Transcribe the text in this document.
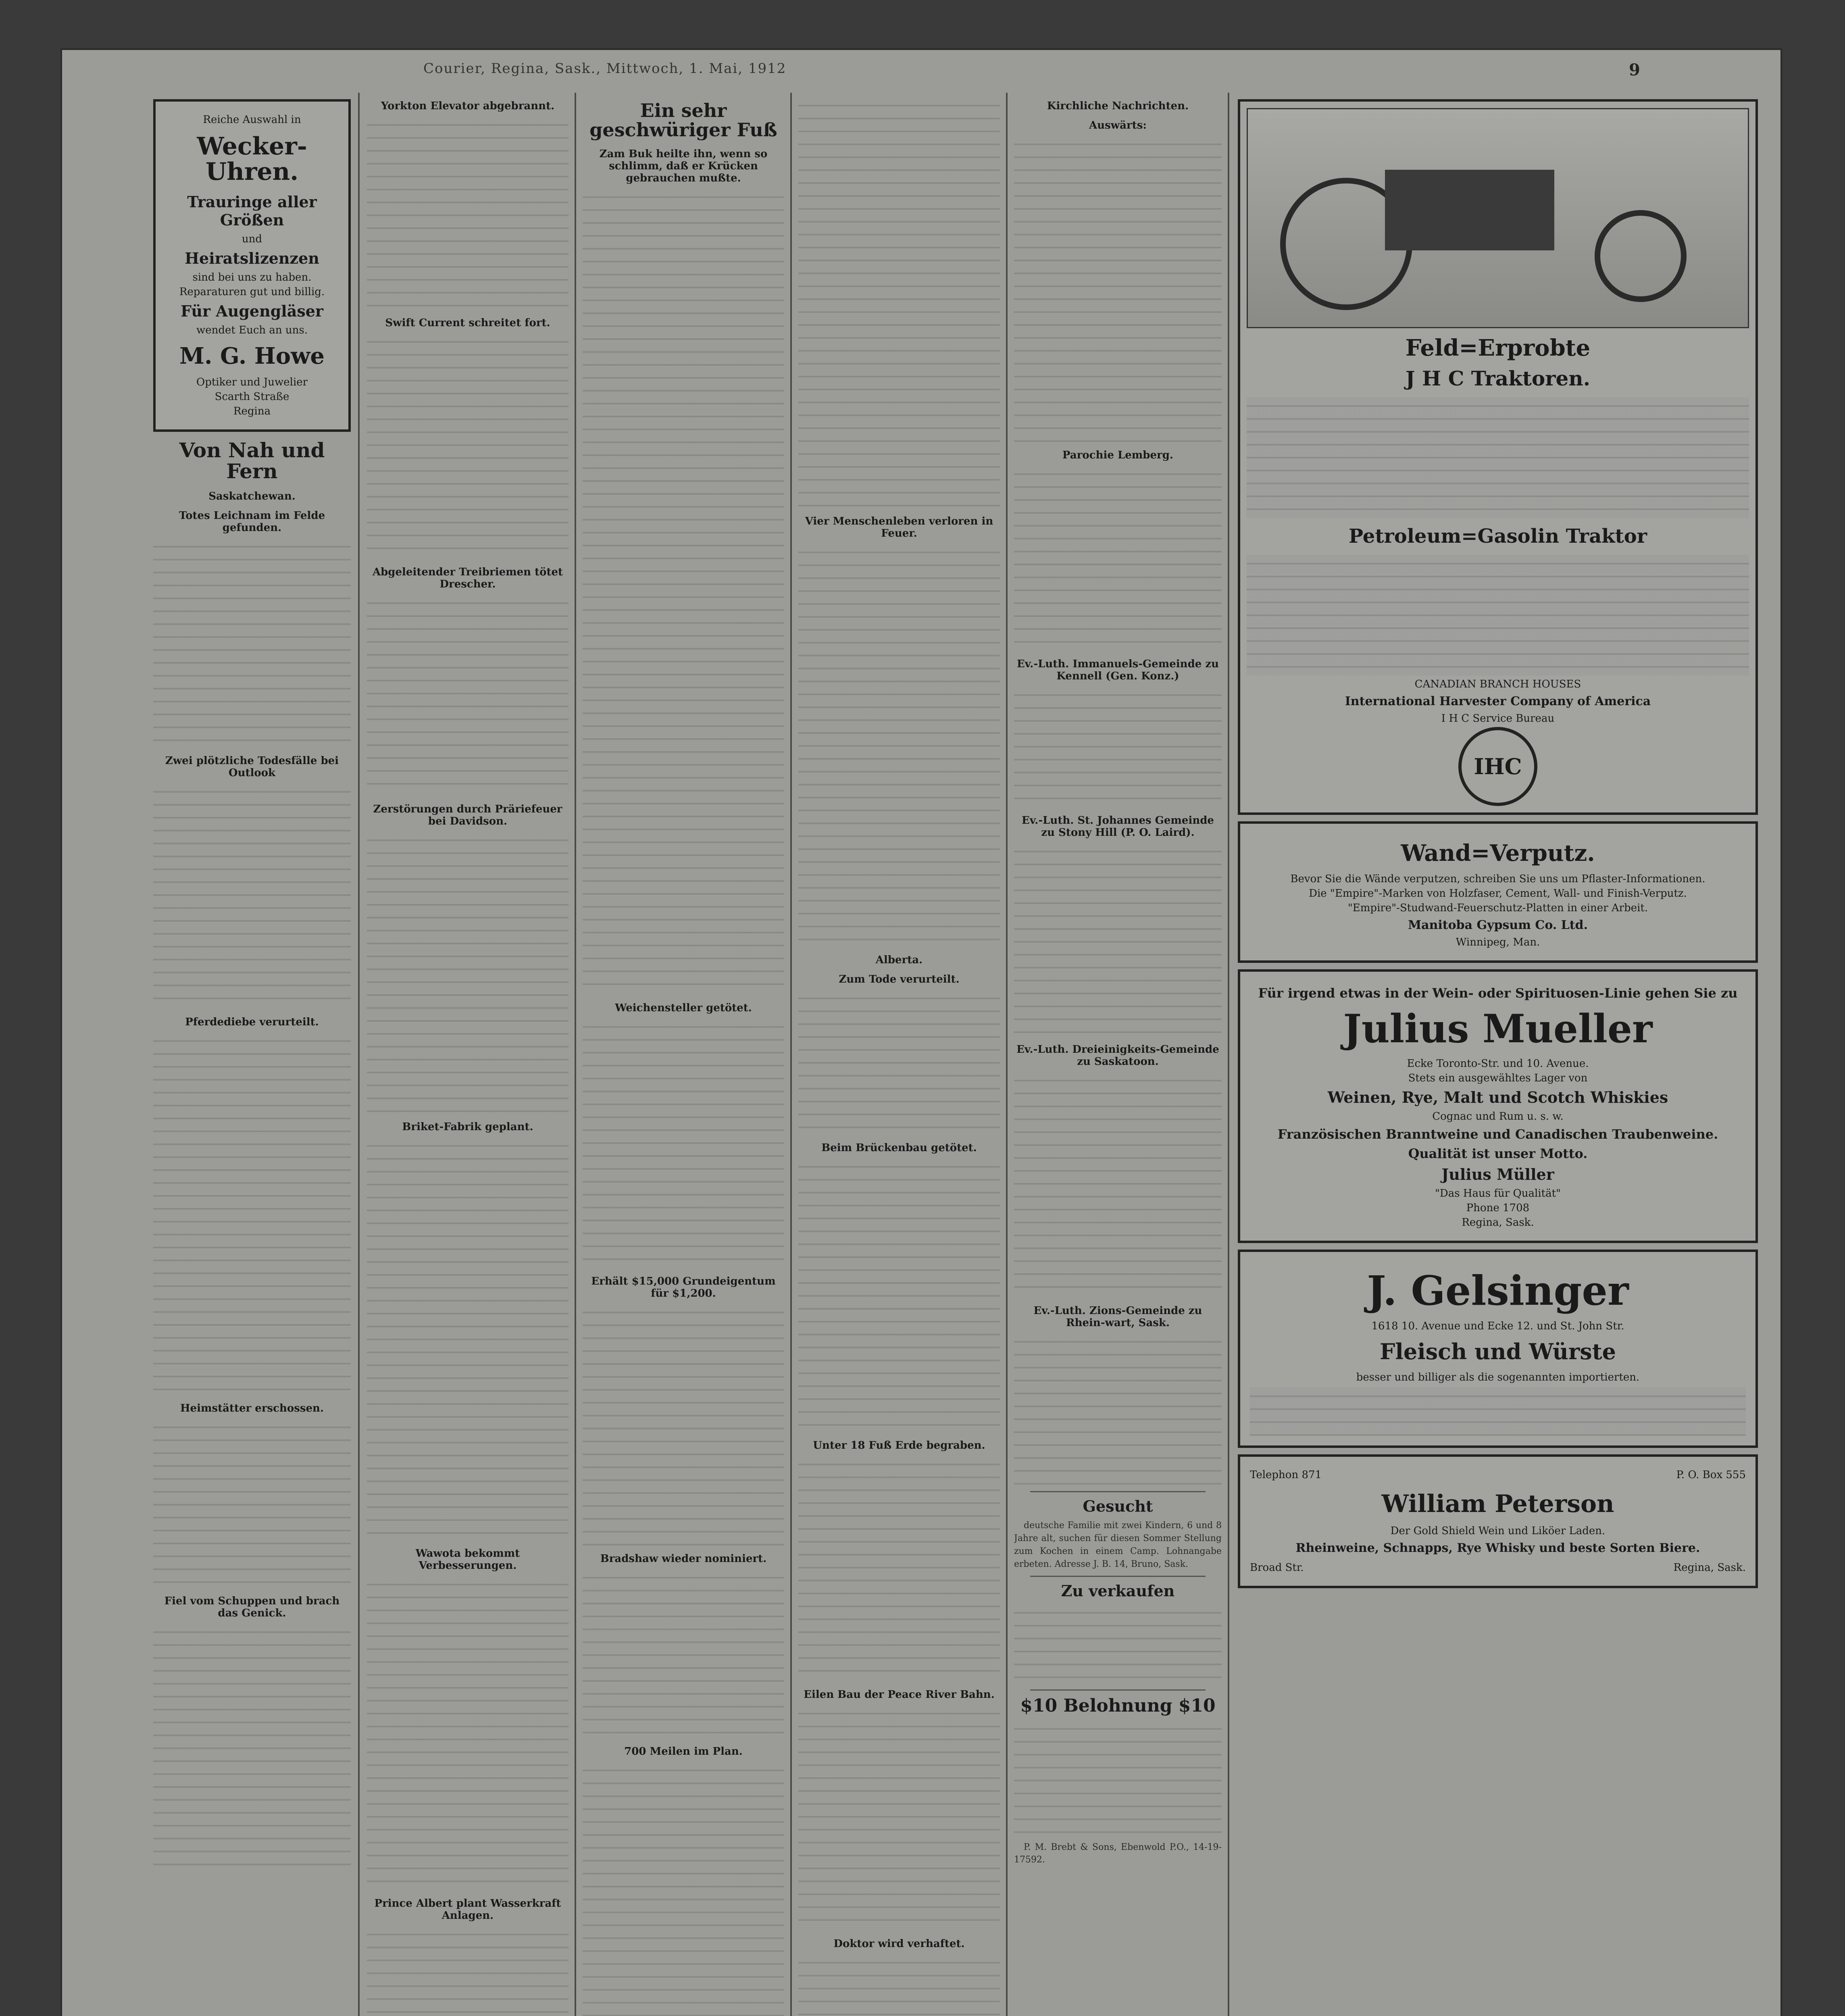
Courier, Regina, Sask., Mittwoch, 1. Mai, 1912	9
Reiche Auswahl in
Wecker-Uhren.
Trauringe aller Größen
und
Heiratslizenzen
sind bei uns zu haben.
Reparaturen gut und billig.
Für Augengläser
wendet Euch an uns.
M. G. Howe
Optiker und Juwelier
Scarth Straße
Regina
Von Nah und Fern
Saskatchewan.
Totes Leichnam im Felde gefunden.
Zwei plötzliche Todesfälle bei Outlook
Pferdediebe verurteilt.
Heimstätter erschossen.
Fiel vom Schuppen und brach das Genick.
Yorkton Elevator abgebrannt.
Swift Current schreitet fort.
Abgeleitender Treibriemen tötet Drescher.
Zerstörungen durch Präriefeuer bei Davidson.
Briket-Fabrik geplant.
Wawota bekommt Verbesserungen.
Prince Albert plant Wasserkraft Anlagen.
Ein sehr geschwüriger Fuß
Zam Buk heilte ihn, wenn so schlimm, daß er Krücken gebrauchen mußte.
Weichensteller getötet.
Erhält $15,000 Grundeigentum für $1,200.
Bradshaw wieder nominiert.
700 Meilen im Plan.
Vier Menschenleben verloren in Feuer.
Alberta.
Zum Tode verurteilt.
Beim Brückenbau getötet.
Unter 18 Fuß Erde begraben.
Eilen Bau der Peace River Bahn.
Doktor wird verhaftet.
Kirchliche Nachrichten.
Auswärts:
Parochie Lemberg.
Ev.-Luth. Immanuels-Gemeinde zu Kennell (Gen. Konz.)
Ev.-Luth. St. Johannes Gemeinde zu Stony Hill (P. O. Laird).
Ev.-Luth. Dreieinigkeits-Gemeinde zu Saskatoon.
Ev.-Luth. Zions-Gemeinde zu Rhein-wart, Sask.
Gesucht

deutsche Familie mit zwei Kindern, 6 und 8 Jahre alt, suchen für diesen Sommer Stellung zum Kochen in einem Camp. Lohnangabe erbeten. Adresse J. B. 14, Bruno, Sask.

Zu verkaufen
$10 Belohnung $10

P. M. Brebt & Sons, Ebenwold P.O., 14-19-17592.

Feld=Erprobte
J H C Traktoren.
Petroleum=Gasolin Traktor
CANADIAN BRANCH HOUSES
International Harvester Company of America
I H C Service Bureau
IHC
Wand=Verputz.
Bevor Sie die Wände verputzen, schreiben Sie uns um Pflaster-Informationen.
Die "Empire"-Marken von Holzfaser, Cement, Wall- und Finish-Verputz.
"Empire"-Studwand-Feuerschutz-Platten in einer Arbeit.
Manitoba Gypsum Co. Ltd.
Winnipeg, Man.
Für irgend etwas in der Wein- oder Spirituosen-Linie gehen Sie zu
Julius Mueller
Ecke Toronto-Str. und 10. Avenue.
Stets ein ausgewähltes Lager von
Weinen, Rye, Malt und Scotch Whiskies
Cognac und Rum u. s. w.
Französischen Branntweine und Canadischen Traubenweine.
Qualität ist unser Motto.
Julius Müller
"Das Haus für Qualität"
Phone 1708
Regina, Sask.
J. Gelsinger
1618 10. Avenue und Ecke 12. und St. John Str.
Fleisch und Würste
besser und billiger als die sogenannten importierten.
Telephon 871	P. O. Box 555
William Peterson
Der Gold Shield Wein und Liköer Laden.
Rheinweine, Schnapps, Rye Whisky und beste Sorten Biere.
Broad Str.	Regina, Sask.
